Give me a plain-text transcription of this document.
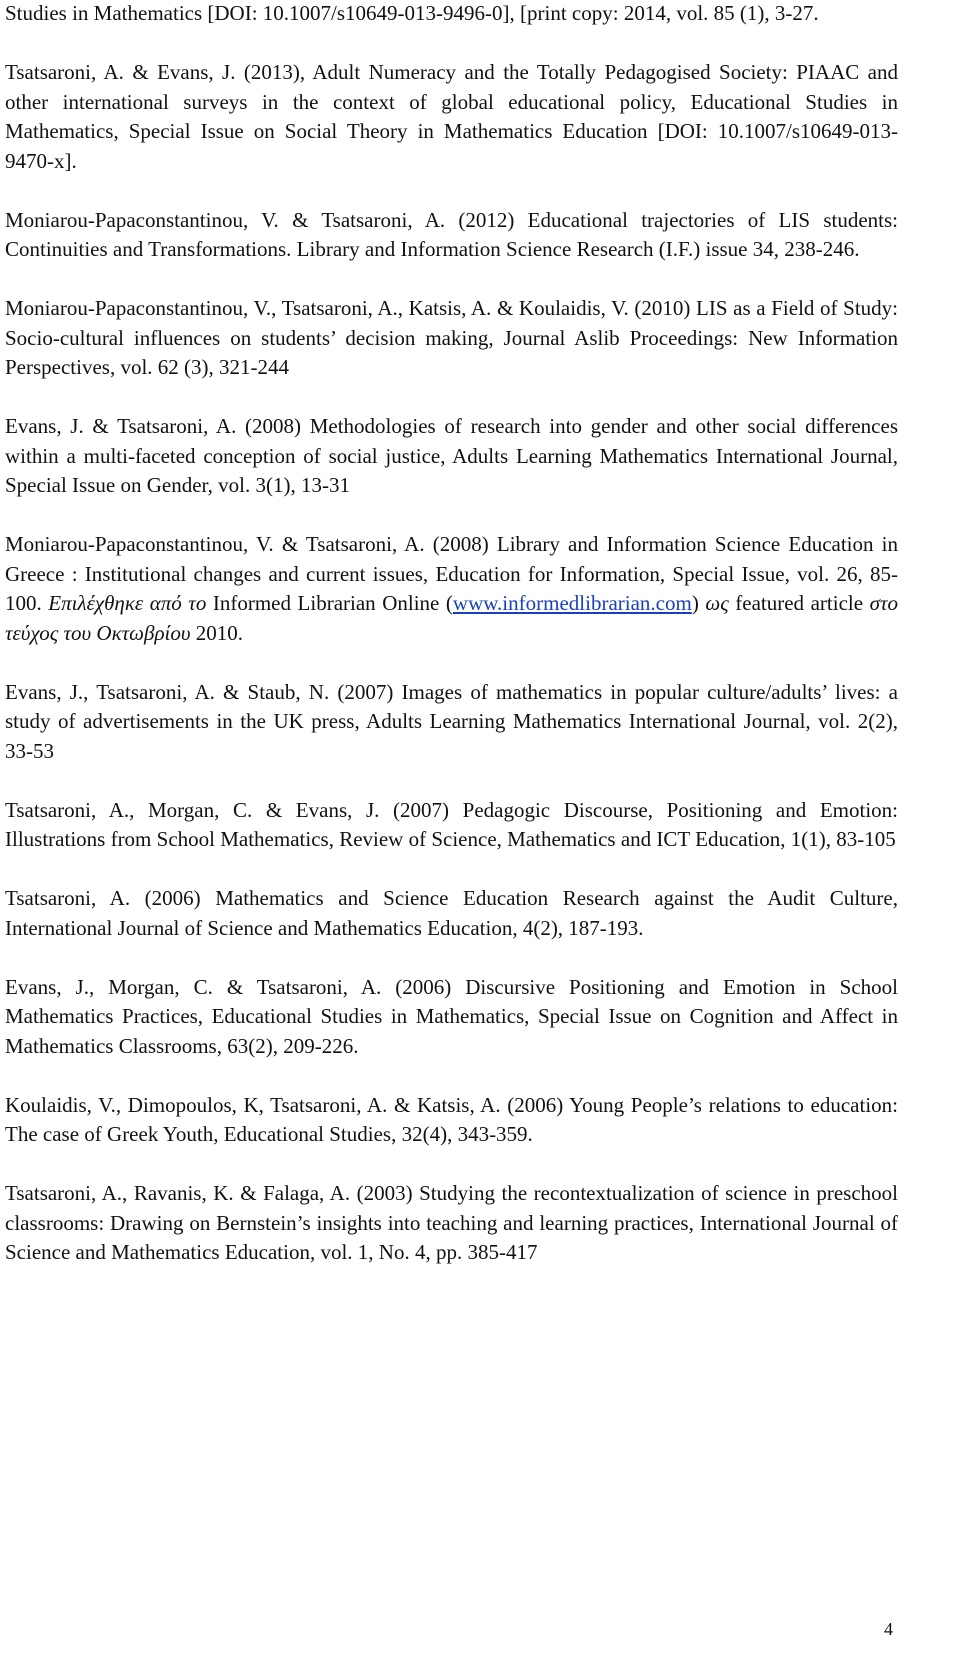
Studies in Mathematics [DOI: 10.1007/s10649-013-9496-0], [print copy: 2014, vol. 85 (1), 3-27.

Tsatsaroni, A. & Evans, J. (2013), Adult Numeracy and the Totally Pedagogised Society: PIAAC and other international surveys in the context of global educational policy, Educational Studies in Mathematics, Special Issue on Social Theory in Mathematics Education [DOI: 10.1007/s10649-013-9470-x].

Moniarou-Papaconstantinou, V. & Tsatsaroni, A. (2012) Educational trajectories of LIS students: Continuities and Transformations. Library and Information Science Research (I.F.) issue 34, 238-246.

Moniarou-Papaconstantinou, V., Tsatsaroni, A., Katsis, A. & Koulaidis, V. (2010) LIS as a Field of Study: Socio-cultural influences on students’ decision making, Journal Aslib Proceedings: New Information Perspectives, vol. 62 (3), 321-244

Evans, J. & Tsatsaroni, A. (2008) Methodologies of research into gender and other social differences within a multi-faceted conception of social justice, Adults Learning Mathematics International Journal, Special Issue on Gender, vol. 3(1), 13-31

Moniarou-Papaconstantinou, V. & Tsatsaroni, A. (2008) Library and Information Science Education in Greece : Institutional changes and current issues, Education for Information, Special Issue, vol. 26, 85-100. Επιλέχθηκε από το Informed Librarian Online (www.informedlibrarian.com) ως featured article στο τεύχος του Οκτωβρίου 2010.

Evans, J., Tsatsaroni, A. & Staub, N. (2007) Images of mathematics in popular culture/adults’ lives: a study of advertisements in the UK press, Adults Learning Mathematics International Journal, vol. 2(2), 33-53

Tsatsaroni, A., Morgan, C. & Evans, J. (2007) Pedagogic Discourse, Positioning and Emotion: Illustrations from School Mathematics, Review of Science, Mathematics and ICT Education, 1(1), 83-105

Tsatsaroni, A. (2006) Mathematics and Science Education Research against the Audit Culture, International Journal of Science and Mathematics Education, 4(2), 187-193.

Evans, J., Morgan, C. & Tsatsaroni, A. (2006) Discursive Positioning and Emotion in School Mathematics Practices, Educational Studies in Mathematics, Special Issue on Cognition and Affect in Mathematics Classrooms, 63(2), 209-226.

Koulaidis, V., Dimopoulos, K, Tsatsaroni, A. & Katsis, A. (2006) Young People’s relations to education: The case of Greek Youth, Educational Studies, 32(4), 343-359.

Tsatsaroni, A., Ravanis, K. & Falaga, A. (2003) Studying the recontextualization of science in preschool classrooms: Drawing on Bernstein’s insights into teaching and learning practices, International Journal of Science and Mathematics Education, vol. 1, No. 4, pp. 385-417

4
